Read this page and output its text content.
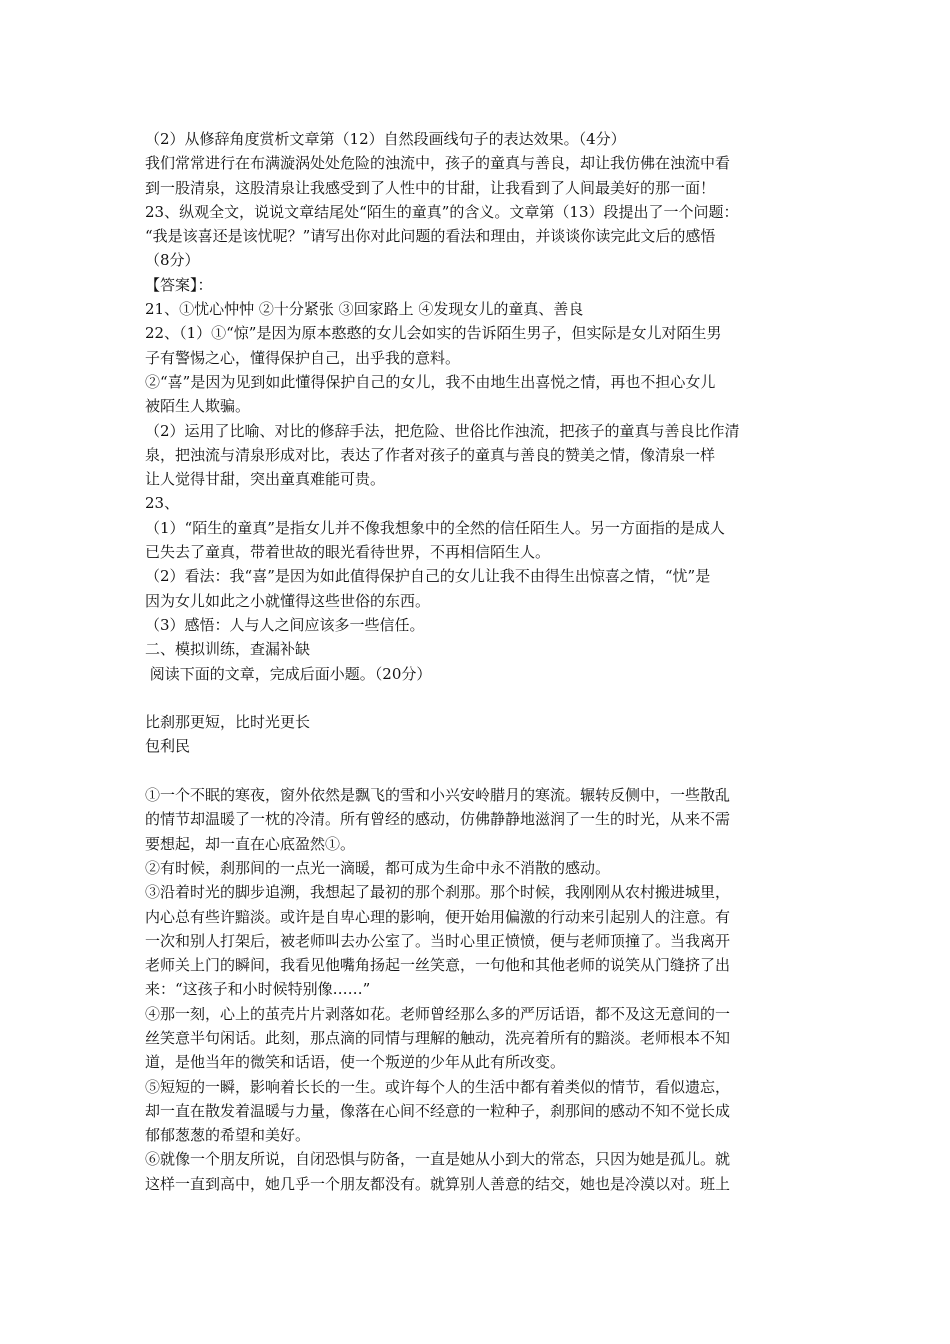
（2）从修辞角度赏析文章第（12）自然段画线句子的表达效果。（4分）
我们常常进行在布满漩涡处处危险的浊流中，孩子的童真与善良，却让我仿佛在浊流中看
到一股清泉，这股清泉让我感受到了人性中的甘甜，让我看到了人间最美好的那一面！
23、纵观全文，说说文章结尾处“陌生的童真”的含义。文章第（13）段提出了一个问题：
“我是该喜还是该忧呢？”请写出你对此问题的看法和理由，并谈谈你读完此文后的感悟
（8分）
【答案】：
21、①忧心忡忡 ②十分紧张 ③回家路上 ④发现女儿的童真、善良
22、（1）①“惊”是因为原本憨憨的女儿会如实的告诉陌生男子，但实际是女儿对陌生男
子有警惕之心，懂得保护自己，出乎我的意料。
②“喜”是因为见到如此懂得保护自己的女儿，我不由地生出喜悦之情，再也不担心女儿
被陌生人欺骗。
（2）运用了比喻、对比的修辞手法，把危险、世俗比作浊流，把孩子的童真与善良比作清
泉，把浊流与清泉形成对比，表达了作者对孩子的童真与善良的赞美之情，像清泉一样
让人觉得甘甜，突出童真难能可贵。
23、
（1）“陌生的童真”是指女儿并不像我想象中的全然的信任陌生人。另一方面指的是成人
已失去了童真，带着世故的眼光看待世界，不再相信陌生人。
（2）看法：我“喜”是因为如此值得保护自己的女儿让我不由得生出惊喜之情，“忧”是
因为女儿如此之小就懂得这些世俗的东西。
（3）感悟：人与人之间应该多一些信任。
二、模拟训练，查漏补缺
阅读下面的文章，完成后面小题。（20分）
比刹那更短，比时光更长
包利民
①一个不眠的寒夜，窗外依然是飘飞的雪和小兴安岭腊月的寒流。辗转反侧中，一些散乱
的情节却温暖了一枕的冷清。所有曾经的感动，仿佛静静地滋润了一生的时光，从来不需
要想起，却一直在心底盈然①。
②有时候，刹那间的一点光一滴暖，都可成为生命中永不消散的感动。
③沿着时光的脚步追溯，我想起了最初的那个刹那。那个时候，我刚刚从农村搬进城里，
内心总有些许黯淡。或许是自卑心理的影响，便开始用偏激的行动来引起别人的注意。有
一次和别人打架后，被老师叫去办公室了。当时心里正愤愤，便与老师顶撞了。当我离开
老师关上门的瞬间，我看见他嘴角扬起一丝笑意，一句他和其他老师的说笑从门缝挤了出
来：“这孩子和小时候特别像……”
④那一刻，心上的茧壳片片剥落如花。老师曾经那么多的严厉话语，都不及这无意间的一
丝笑意半句闲话。此刻，那点滴的同情与理解的触动，洗亮着所有的黯淡。老师根本不知
道，是他当年的微笑和话语，使一个叛逆的少年从此有所改变。
⑤短短的一瞬，影响着长长的一生。或许每个人的生活中都有着类似的情节，看似遗忘，
却一直在散发着温暖与力量，像落在心间不经意的一粒种子，刹那间的感动不知不觉长成
郁郁葱葱的希望和美好。
⑥就像一个朋友所说，自闭恐惧与防备，一直是她从小到大的常态，只因为她是孤儿。就
这样一直到高中，她几乎一个朋友都没有。就算别人善意的结交，她也是冷漠以对。班上
